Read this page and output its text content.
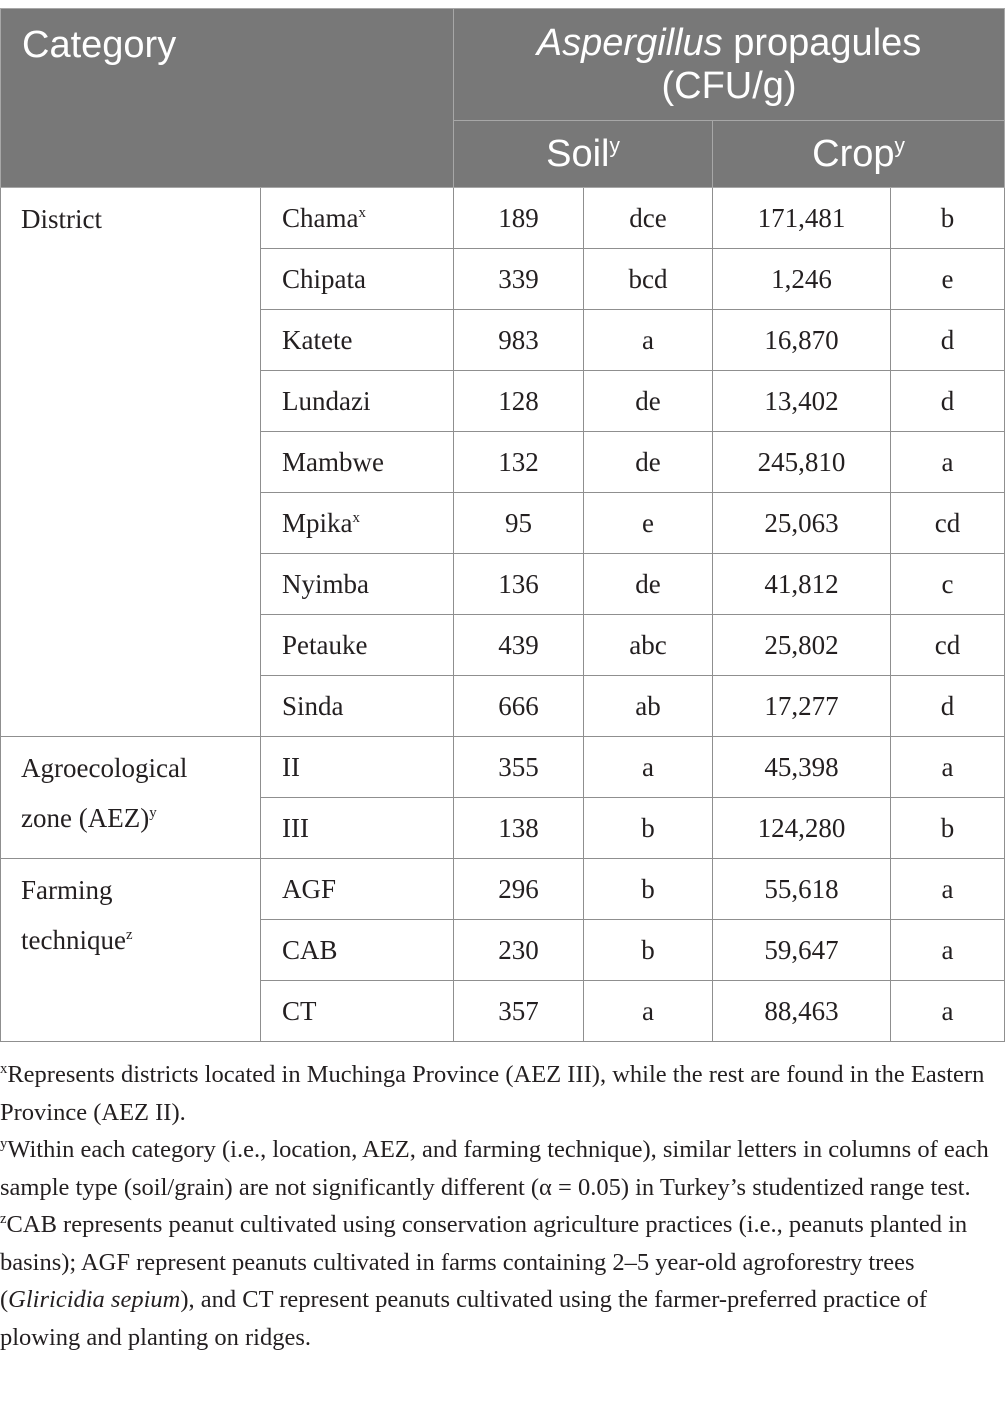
Category		Aspergillus propagules
(CFU/g)			
		Soil$^y$		Crop$^y$
District	Chama$^x$	189	dce	171,481	b
	Chipata	339	bcd	1,246	e
	Katete	983	a	16,870	d
	Lundazi	128	de	13,402	d
	Mambwe	132	de	245,810	a
	Mpika$^x$	95	e	25,063	cd
	Nyimba	136	de	41,812	c
	Petauke	439	abc	25,802	cd
	Sinda	666	ab	17,277	d
Agroecological zone (AEZ)$^y$	II	355	a	45,398	a
	III	138	b	124,280	b
Farming technique$^z$	AGF	296	b	55,618	a
	CAB	230	b	59,647	a
	CT	357	a	88,463	a

$^x$Represents districts located in Muchinga Province (AEZ III), while the rest are found in the Eastern Province (AEZ II).

$^y$Within each category (i.e., location, AEZ, and farming technique), similar letters in columns of each sample type (soil/grain) are not significantly different (α = 0.05) in Turkey’s studentized range test.

$^z$CAB represents peanut cultivated using conservation agriculture practices (i.e., peanuts planted in basins); AGF represent peanuts cultivated in farms containing 2–5 year-old agroforestry trees (Gliricidia sepium), and CT represent peanuts cultivated using the farmer-preferred practice of plowing and planting on ridges.
